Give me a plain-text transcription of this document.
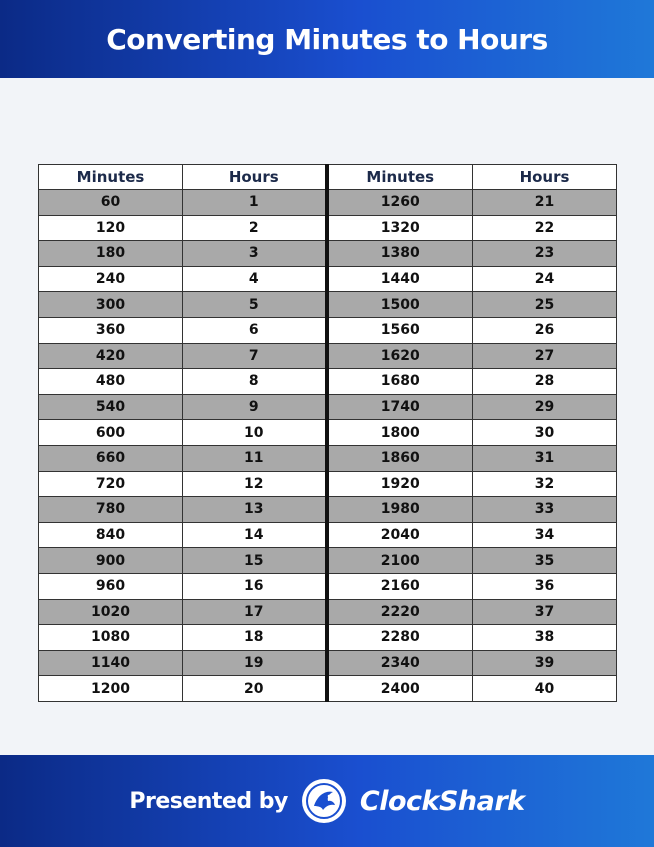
Converting Minutes to Hours
Minutes	Hours	Minutes	Hours
60	1	1260	21
120	2	1320	22
180	3	1380	23
240	4	1440	24
300	5	1500	25
360	6	1560	26
420	7	1620	27
480	8	1680	28
540	9	1740	29
600	10	1800	30
660	11	1860	31
720	12	1920	32
780	13	1980	33
840	14	2040	34
900	15	2100	35
960	16	2160	36
1020	17	2220	37
1080	18	2280	38
1140	19	2340	39
1200	20	2400	40
Presented by	ClockShark
